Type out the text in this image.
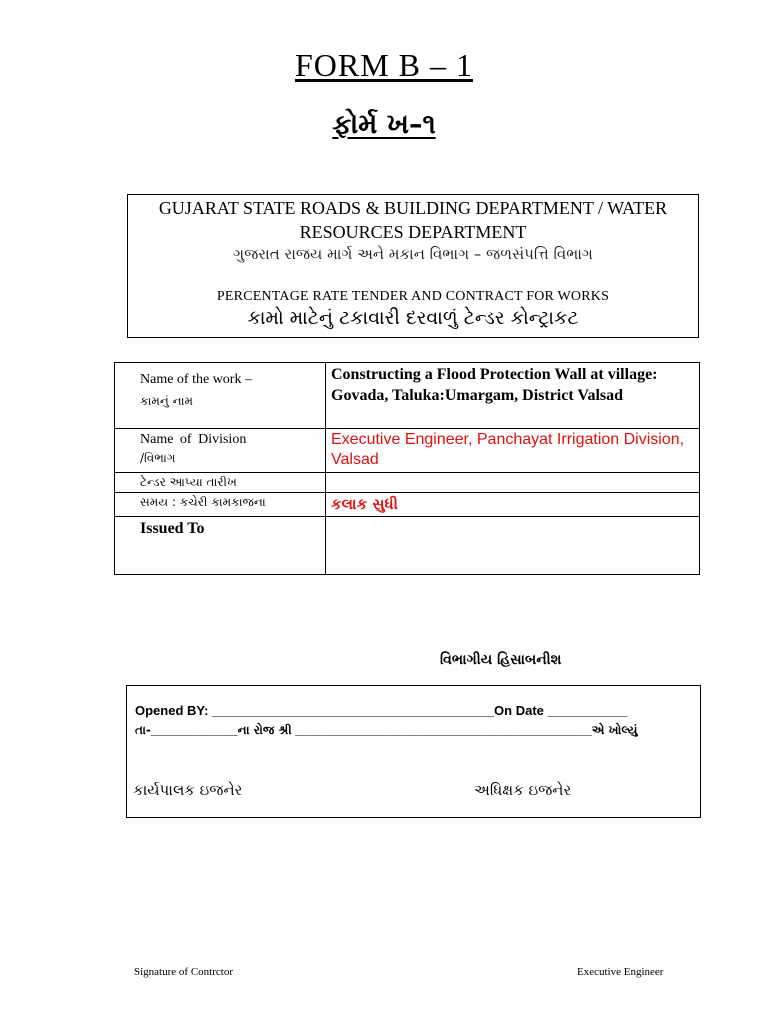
FORM B – 1
ફોર્મ ખ–૧
GUJARAT STATE ROADS & BUILDING DEPARTMENT / WATER
RESOURCES DEPARTMENT
ગુજરાત રાજય માર્ગ અને મકાન વિભાગ – જળસંપત્તિ વિભાગ
PERCENTAGE RATE TENDER AND CONTRACT FOR WORKS
કામો માટેનું ટકાવારી દરવાળું ટેન્ડર કોન્ટ્રાકટ
Name of the work –
કામનું નામ	Constructing a Flood Protection Wall at village: Govada, Taluka:Umargam, District Valsad

Name of Division
/વિભાગ	Executive Engineer, Panchayat Irrigation Division, Valsad

ટેન્ડર આપ્યા તારીખ	

સમય : કચેરી કામકાજના	કલાક સુધી

Issued To	

વિભાગીય હિસાબનીશ
Opened BY: _______________________________________On Date ___________
તા-____________ના રોજ શ્રી _________________________________________એ ખોલ્યું
કાર્યપાલક ઇજનેર	અધિક્ષક ઇજનેર
Signature of Contrctor	Executive Engineer
